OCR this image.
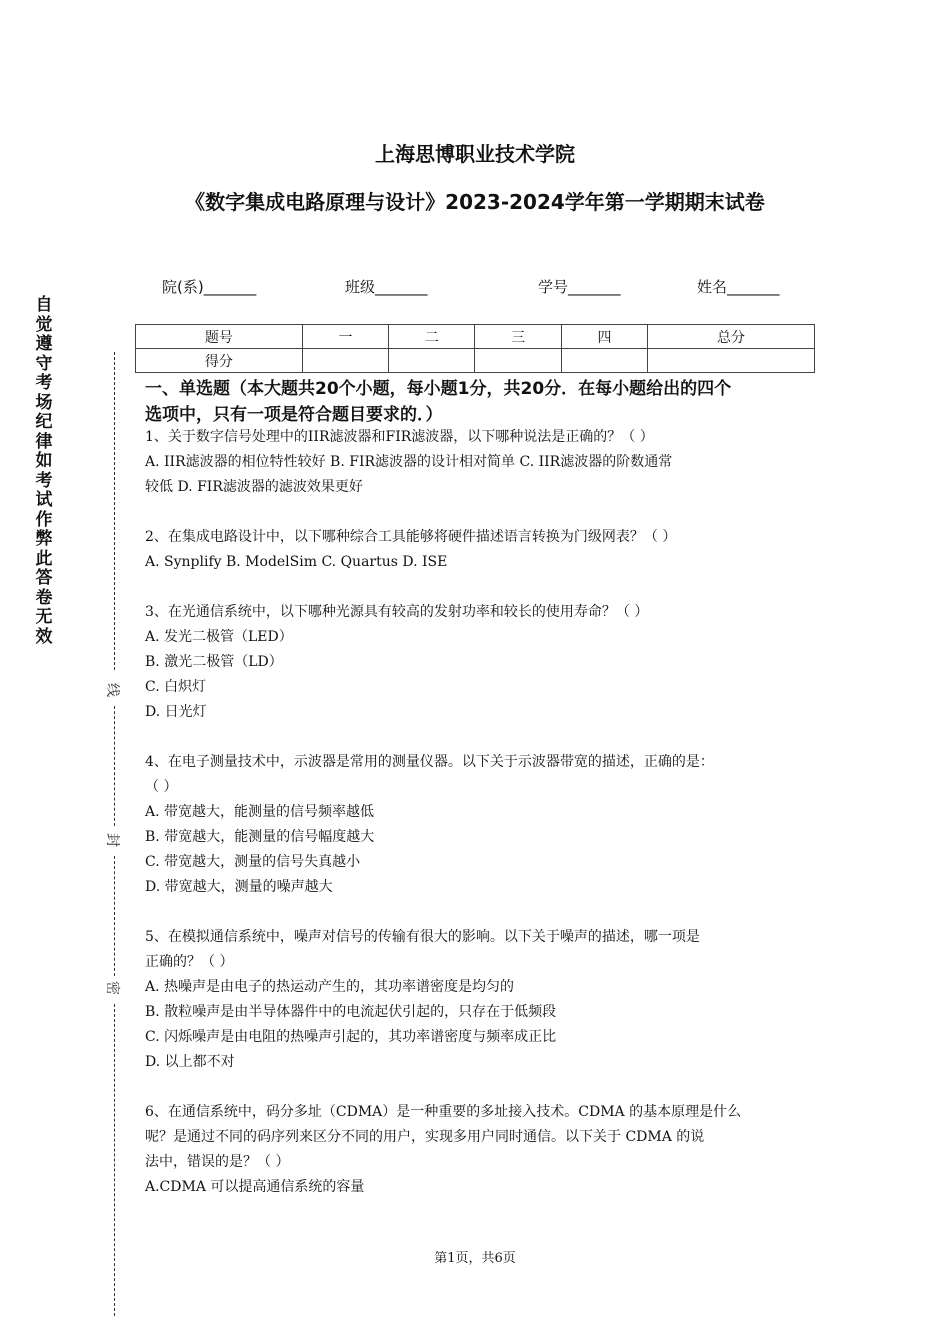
上海思博职业技术学院
《数字集成电路原理与设计》2023-2024学年第一学期期末试卷
院(系)_______	班级_______	学号_______	姓名_______
题号	一	二	三	四	总分
得分					
自觉遵守考场纪律如考试作弊此答卷无效
线
封
密
一、单选题（本大题共20个小题，每小题1分，共20分．在每小题给出的四个
选项中，只有一项是符合题目要求的．）
1、关于数字信号处理中的IIR滤波器和FIR滤波器，以下哪种说法是正确的？（ ）
A. IIR滤波器的相位特性较好 B. FIR滤波器的设计相对简单 C. IIR滤波器的阶数通常
较低 D. FIR滤波器的滤波效果更好
2、在集成电路设计中，以下哪种综合工具能够将硬件描述语言转换为门级网表？（ ）
A. Synplify B. ModelSim C. Quartus D. ISE
3、在光通信系统中，以下哪种光源具有较高的发射功率和较长的使用寿命？（ ）
A. 发光二极管（LED）
B. 激光二极管（LD）
C. 白炽灯
D. 日光灯
4、在电子测量技术中，示波器是常用的测量仪器。以下关于示波器带宽的描述，正确的是：
（ ）
A. 带宽越大，能测量的信号频率越低
B. 带宽越大，能测量的信号幅度越大
C. 带宽越大，测量的信号失真越小
D. 带宽越大，测量的噪声越大
5、在模拟通信系统中，噪声对信号的传输有很大的影响。以下关于噪声的描述，哪一项是
正确的？（ ）
A. 热噪声是由电子的热运动产生的，其功率谱密度是均匀的
B. 散粒噪声是由半导体器件中的电流起伏引起的，只存在于低频段
C. 闪烁噪声是由电阻的热噪声引起的，其功率谱密度与频率成正比
D. 以上都不对
6、在通信系统中，码分多址（CDMA）是一种重要的多址接入技术。CDMA 的基本原理是什么
呢？是通过不同的码序列来区分不同的用户，实现多用户同时通信。以下关于 CDMA 的说
法中，错误的是？（ ）
A.CDMA 可以提高通信系统的容量
第1页，共6页
